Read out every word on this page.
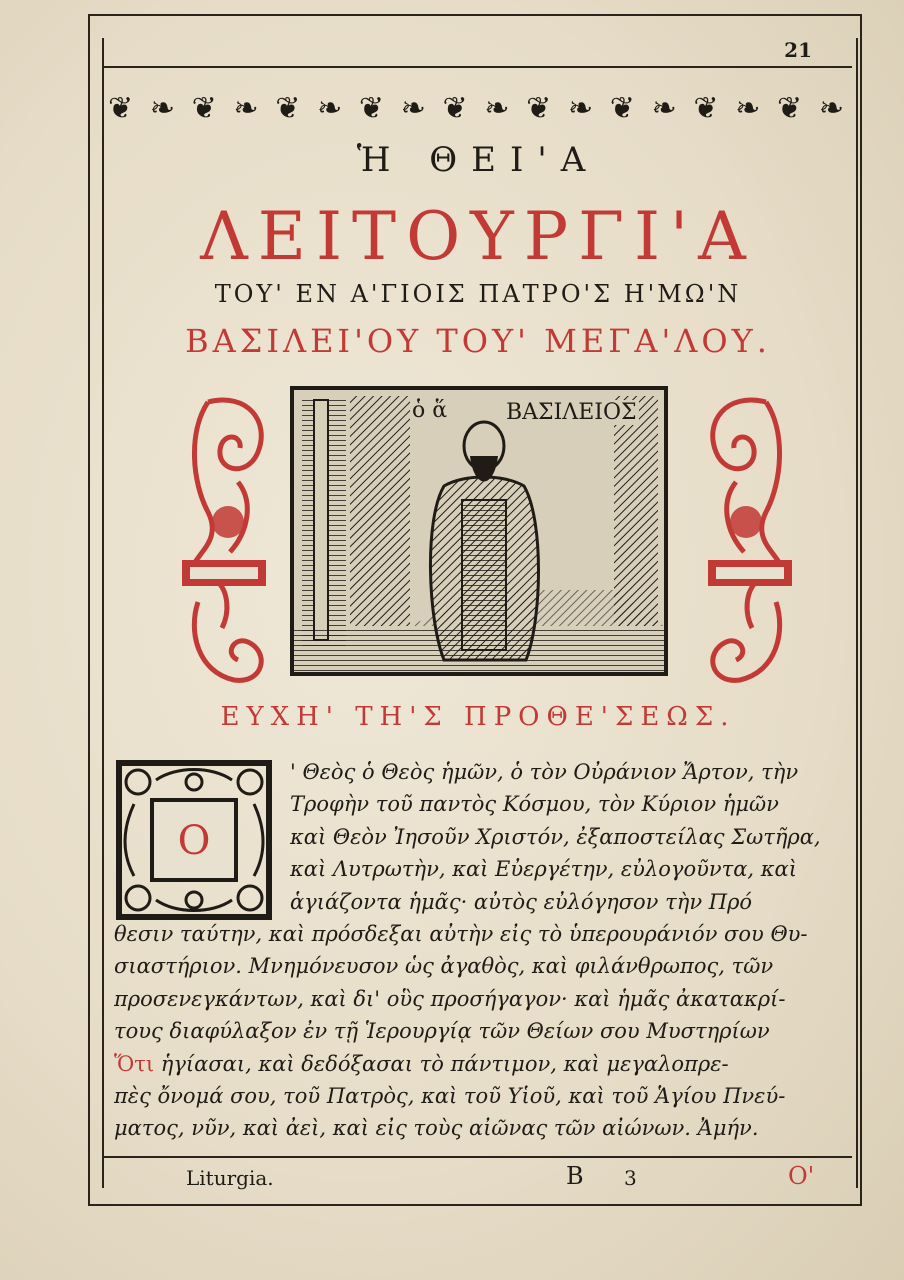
21
❦ ❧ ❦ ❧ ❦ ❧ ❦ ❧ ❦ ❧ ❦ ❧ ❦ ❧ ❦ ❧ ❦ ❧
Ἡ ΘΕΙ'Α
ΛΕΙΤΟΥΡΓΙ'Α
ΤΟΥ' ΕΝ Α'ΓΙΟΙΣ ΠΑΤΡΟ'Σ Η'ΜΩ'Ν
ΒΑΣΙΛΕΙ'ΟΥ ΤΟΥ' ΜΕΓΑ'ΛΟΥ.
ὁ ἅ	ΒΑΣΙΛΕΙΟΣ
ΕΥΧΗ' ΤΗ'Σ ΠΡΟΘΕ'ΣΕΩΣ.
Ο
' Θεὸς ὁ Θεὸς ἡμῶν, ὁ τὸν Οὐράνιον Ἄρτον, τὴν
Τροφὴν τοῦ παντὸς Κόσμου, τὸν Κύριον ἡμῶν
καὶ Θεὸν Ἰησοῦν Χριστόν, ἐξαποστείλας Σωτῆρα,
καὶ Λυτρωτὴν, καὶ Εὐεργέτην, εὐλογοῦντα, καὶ
ἁγιάζοντα ἡμᾶς· αὐτὸς εὐλόγησον τὴν Πρό
θεσιν ταύτην, καὶ πρόσδεξαι αὐτὴν εἰς τὸ ὑπερουράνιόν σου Θυ-
σιαστήριον. Μνημόνευσον ὡς ἀγαθὸς, καὶ φιλάνθρωπος, τῶν
προσενεγκάντων, καὶ δι' οὓς προσήγαγον· καὶ ἡμᾶς ἀκατακρί-
τους διαφύλαξον ἐν τῇ Ἱερουργίᾳ τῶν Θείων σου Μυστηρίων
Ὅτι ἡγίασαι, καὶ δεδόξασαι τὸ πάντιμον, καὶ μεγαλοπρε-
πὲς ὄνομά σου, τοῦ Πατρὸς, καὶ τοῦ Υἱοῦ, καὶ τοῦ Ἁγίου Πνεύ-
ματος, νῦν, καὶ ἀεὶ, καὶ εἰς τοὺς αἰῶνας τῶν αἰώνων. Ἀμήν.
Liturgia.	B 3	Ο'
